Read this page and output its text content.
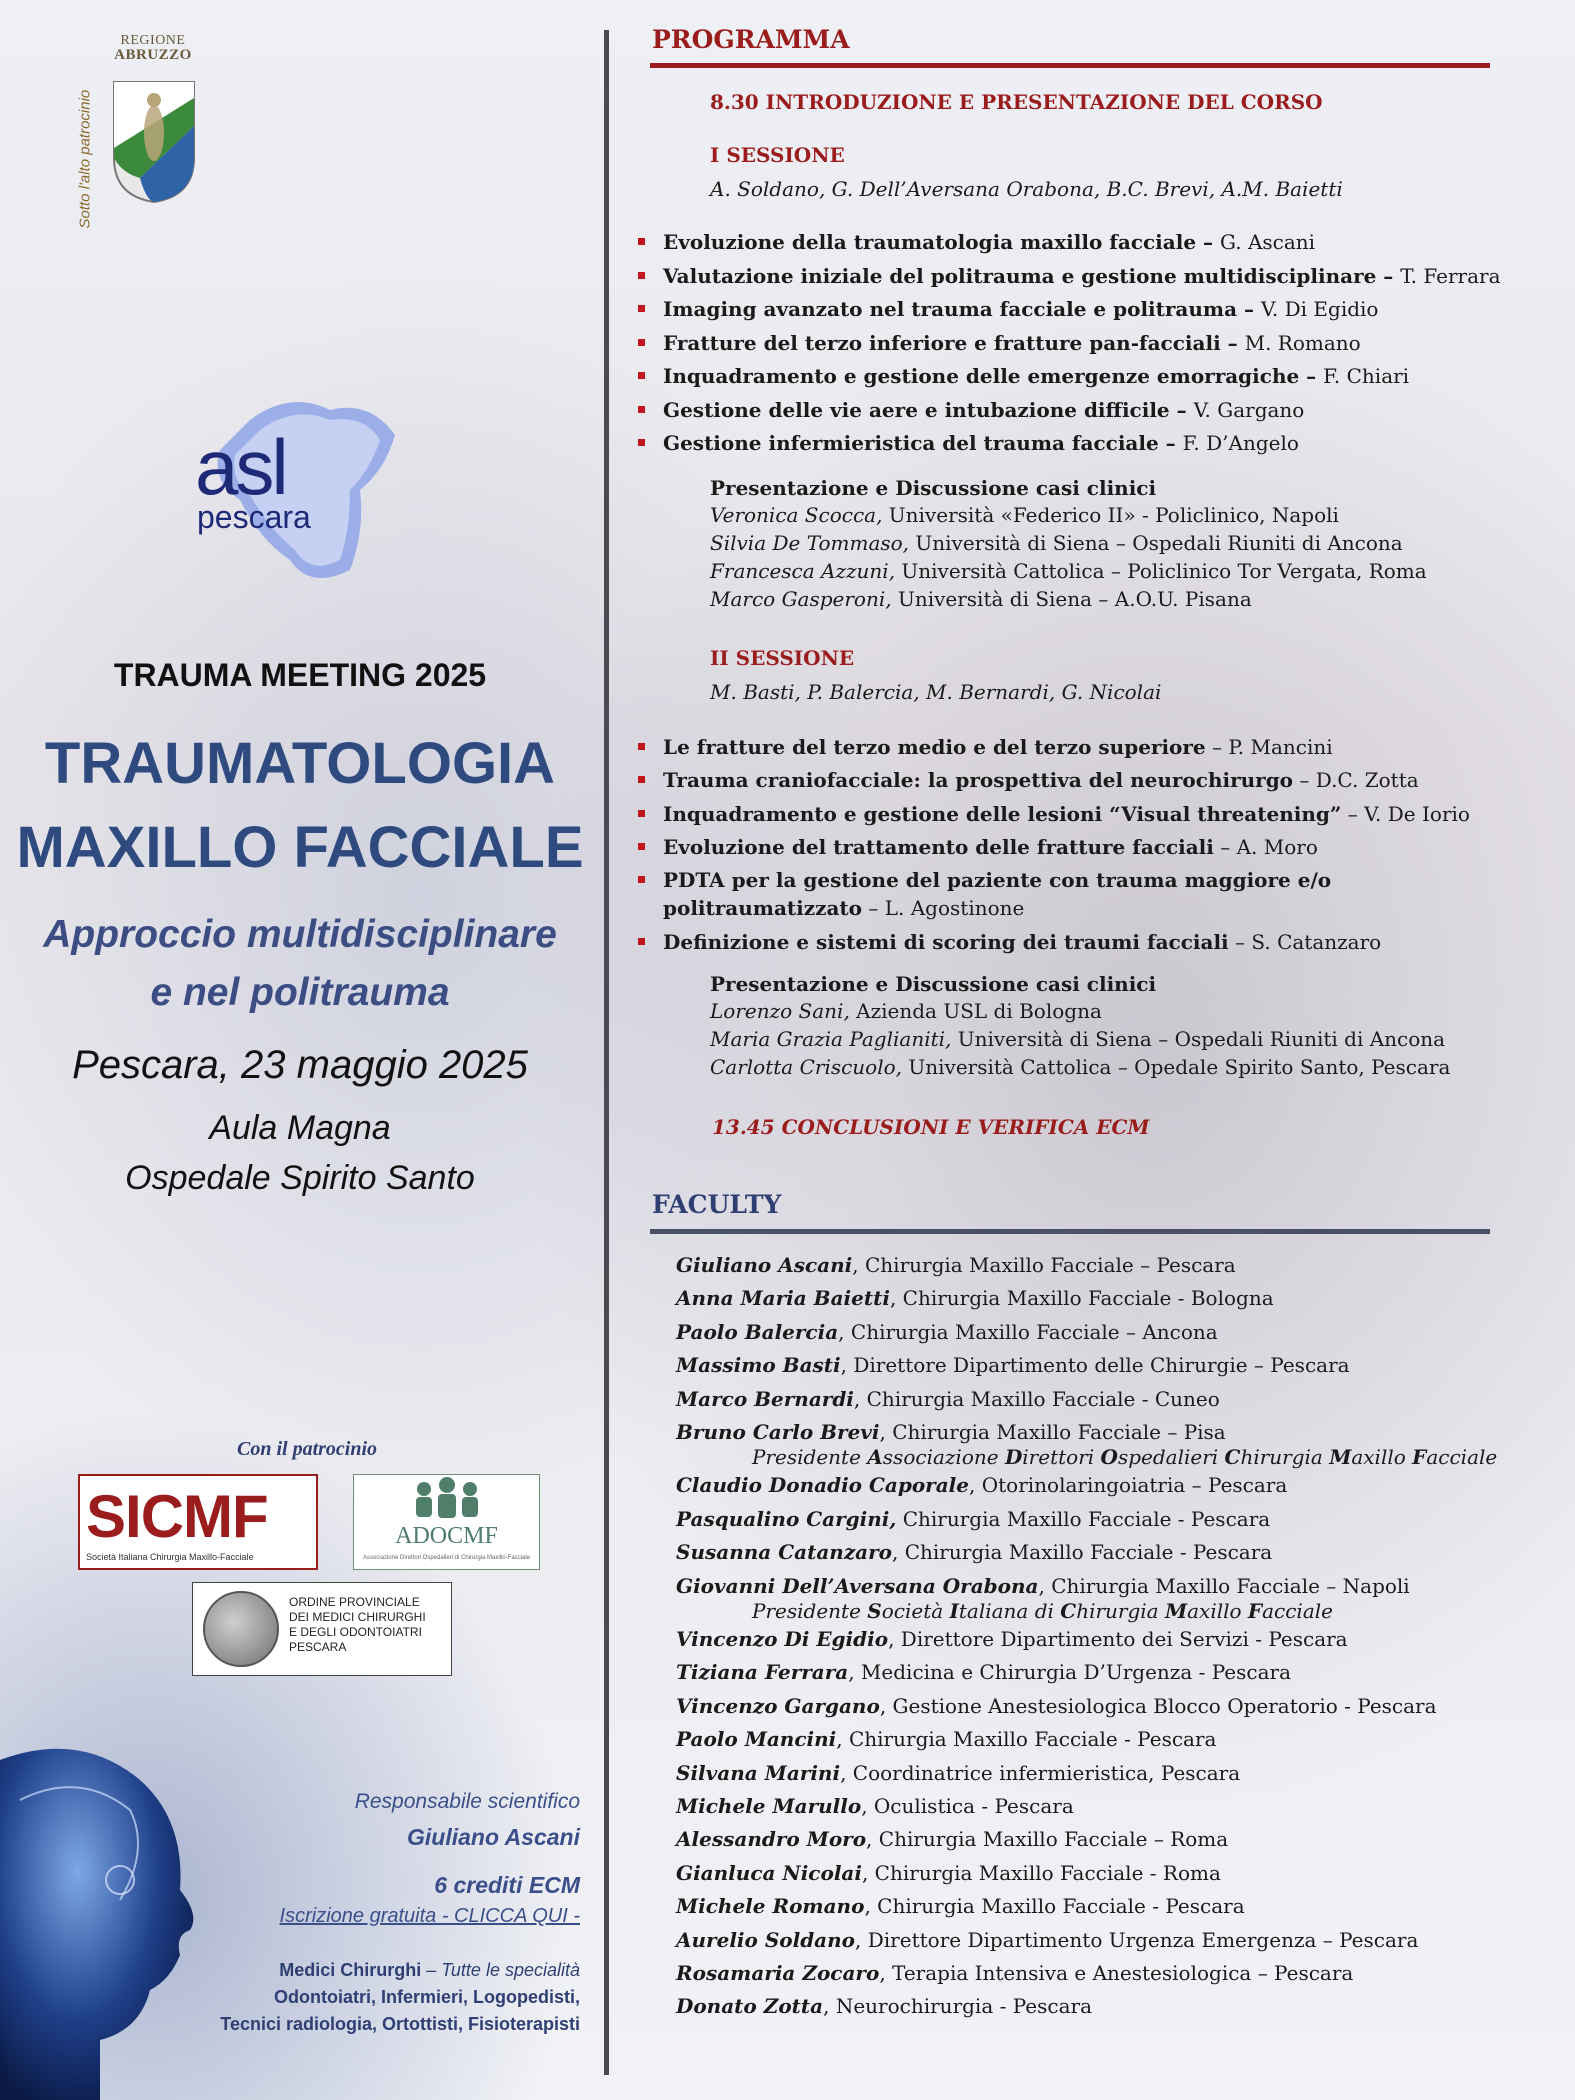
Sotto l'alto patrocinio
REGIONE
ABRUZZO
asl
pescara
TRAUMA MEETING 2025
TRAUMATOLOGIA
MAXILLO FACCIALE
Approccio multidisciplinare
e nel politrauma
Pescara, 23 maggio 2025
Aula Magna
Ospedale Spirito Santo
Con il patrocinio
SICMF
Società Italiana Chirurgia Maxillo-Facciale
ADOCMF
Associazione Direttori Ospedalieri di Chirurgia Maxillo-Facciale
ORDINE PROVINCIALE
DEI MEDICI CHIRURGHI
E DEGLI ODONTOIATRI
PESCARA
Responsabile scientifico
Giuliano Ascani
6 crediti ECM
Iscrizione gratuita - CLICCA QUI -
Medici Chirurghi – Tutte le specialità
Odontoiatri, Infermieri, Logopedisti,
Tecnici radiologia, Ortottisti, Fisioterapisti
PROGRAMMA
8.30 INTRODUZIONE E PRESENTAZIONE DEL CORSO
I SESSIONE
A. Soldano, G. Dell’Aversana Orabona, B.C. Brevi, A.M. Baietti
Evoluzione della traumatologia maxillo facciale – G. Ascani
Valutazione iniziale del politrauma e gestione multidisciplinare – T. Ferrara
Imaging avanzato nel trauma facciale e politrauma – V. Di Egidio
Fratture del terzo inferiore e fratture pan-facciali – M. Romano
Inquadramento e gestione delle emergenze emorragiche – F. Chiari
Gestione delle vie aere e intubazione difficile – V. Gargano
Gestione infermieristica del trauma facciale – F. D’Angelo
Presentazione e Discussione casi clinici
Veronica Scocca, Università «Federico II» - Policlinico, Napoli
Silvia De Tommaso, Università di Siena – Ospedali Riuniti di Ancona
Francesca Azzuni, Università Cattolica – Policlinico Tor Vergata, Roma
Marco Gasperoni, Università di Siena – A.O.U. Pisana
II SESSIONE
M. Basti, P. Balercia, M. Bernardi, G. Nicolai
Le fratture del terzo medio e del terzo superiore – P. Mancini
Trauma craniofacciale: la prospettiva del neurochirurgo – D.C. Zotta
Inquadramento e gestione delle lesioni “Visual threatening” – V. De Iorio
Evoluzione del trattamento delle fratture facciali – A. Moro
PDTA per la gestione del paziente con trauma maggiore e/o
politraumatizzato – L. Agostinone
Definizione e sistemi di scoring dei traumi facciali – S. Catanzaro
Presentazione e Discussione casi clinici
Lorenzo Sani, Azienda USL di Bologna
Maria Grazia Paglianiti, Università di Siena – Ospedali Riuniti di Ancona
Carlotta Criscuolo, Università Cattolica – Opedale Spirito Santo, Pescara
13.45 CONCLUSIONI E VERIFICA ECM
FACULTY
Giuliano Ascani, Chirurgia Maxillo Facciale – Pescara
Anna Maria Baietti, Chirurgia Maxillo Facciale - Bologna
Paolo Balercia, Chirurgia Maxillo Facciale – Ancona
Massimo Basti, Direttore Dipartimento delle Chirurgie – Pescara
Marco Bernardi, Chirurgia Maxillo Facciale - Cuneo
Bruno Carlo Brevi, Chirurgia Maxillo Facciale – Pisa
Presidente Associazione Direttori Ospedalieri Chirurgia Maxillo Facciale
Claudio Donadio Caporale, Otorinolaringoiatria – Pescara
Pasqualino Cargini, Chirurgia Maxillo Facciale - Pescara
Susanna Catanzaro, Chirurgia Maxillo Facciale - Pescara
Giovanni Dell’Aversana Orabona, Chirurgia Maxillo Facciale – Napoli
Presidente Società Italiana di Chirurgia Maxillo Facciale
Vincenzo Di Egidio, Direttore Dipartimento dei Servizi - Pescara
Tiziana Ferrara, Medicina e Chirurgia D’Urgenza - Pescara
Vincenzo Gargano, Gestione Anestesiologica Blocco Operatorio - Pescara
Paolo Mancini, Chirurgia Maxillo Facciale - Pescara
Silvana Marini, Coordinatrice infermieristica, Pescara
Michele Marullo, Oculistica - Pescara
Alessandro Moro, Chirurgia Maxillo Facciale – Roma
Gianluca Nicolai, Chirurgia Maxillo Facciale - Roma
Michele Romano, Chirurgia Maxillo Facciale - Pescara
Aurelio Soldano, Direttore Dipartimento Urgenza Emergenza – Pescara
Rosamaria Zocaro, Terapia Intensiva e Anestesiologica – Pescara
Donato Zotta, Neurochirurgia - Pescara
